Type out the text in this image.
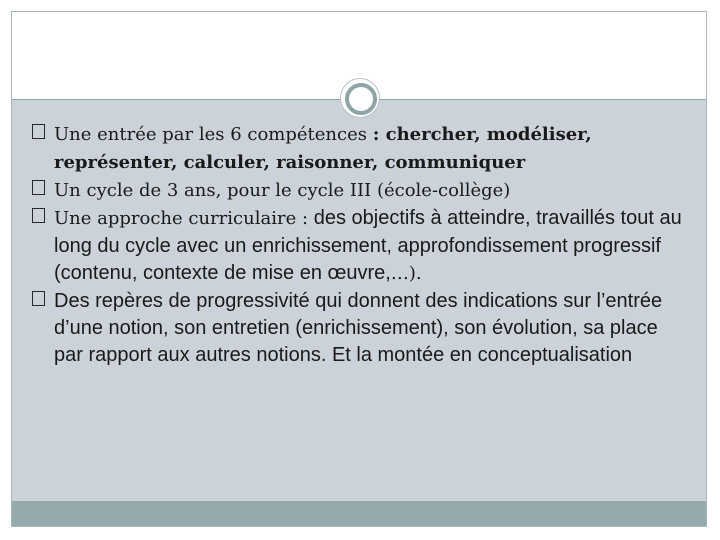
Une entrée par les 6 compétences : chercher, modéliser, représenter, calculer, raisonner, communiquer
Un cycle de 3 ans, pour le cycle III (école-collège)
Une approche curriculaire : des objectifs à atteindre, travaillés tout au long du cycle avec un enrichissement, approfondissement progressif (contenu, contexte de mise en œuvre,…).
Des repères de progressivité qui donnent des indications sur l’entrée d’une notion, son entretien (enrichissement), son évolution, sa place par rapport aux autres notions. Et la montée en conceptualisation
